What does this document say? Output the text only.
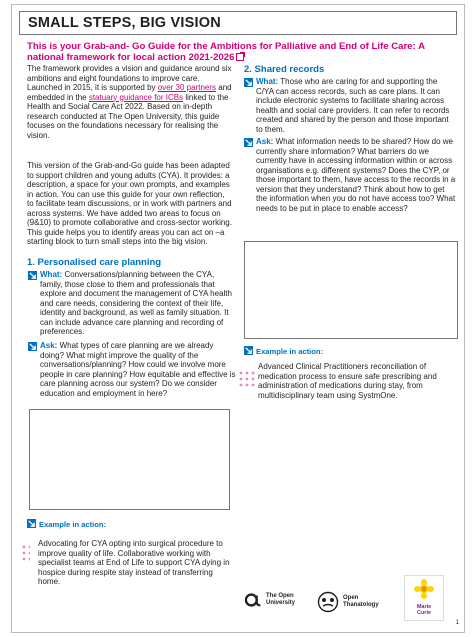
SMALL STEPS, BIG VISION
This is your Grab-and- Go Guide for the Ambitions for Palliative and End of Life Care: A national framework for local action 2021-2026
The framework provides a vision and guidance around six ambitions and eight foundations to improve care. Launched in 2015, it is supported by over 30 partners and embedded in the statuary guidance for ICBs linked to the Health and Social Care Act 2022. Based on in-depth research conducted at The Open University, this guide focuses on the foundations necessary for realising the vision.
This version of the Grab-and-Go guide has been adapted to support children and young adults (CYA). It provides: a description, a space for your own prompts, and examples in action. You can use this guide for your own reflection, to facilitate team discussions, or in work with partners and across systems. We have added two areas to focus on (9&10) to promote collaborative and cross-sector working. This guide helps you to identify areas you can act on –a starting block to turn small steps into the big vision.
1. Personalised care planning
What: Conversations/planning between the CYA, family, those close to them and professionals that explore and document the management of CYA health and care needs, considering the context of their life, identity and background, as well as family situation. It can include advance care planning and recording of preferences.
Ask: What types of care planning are we already doing? What might improve the quality of the conversations/planning? How could we involve more people in care planning? How equitable and effective is care planning across our system? Do we consider education and employment in here?
Example in action:
Advocating for CYA opting into surgical procedure to improve quality of life. Collaborative working with specialist teams at End of Life to support CYA dying in hospice during respite stay instead of transferring home.
2. Shared records
What: Those who are caring for and supporting the C/YA can access records, such as care plans. It can include electronic systems to facilitate sharing across health and social care providers. It can refer to records created and shared by the person and those important to them.
Ask: What information needs to be shared? How do we currently share information? What barriers do we currently have in accessing information within or across organisations e.g. different systems? Does the CYP, or those important to them, have access to the records in a version that they understand? Think about how to get the information when you do not have access too? What needs to be put in place to enable access?
Example in action:
Advanced Clinical Practitioners reconciliation of medication process to ensure safe prescribing and administration of medications during stay, from multidisciplinary team using SystmOne.
The Open
University
Open
Thanatology	Marie
Curie
1
